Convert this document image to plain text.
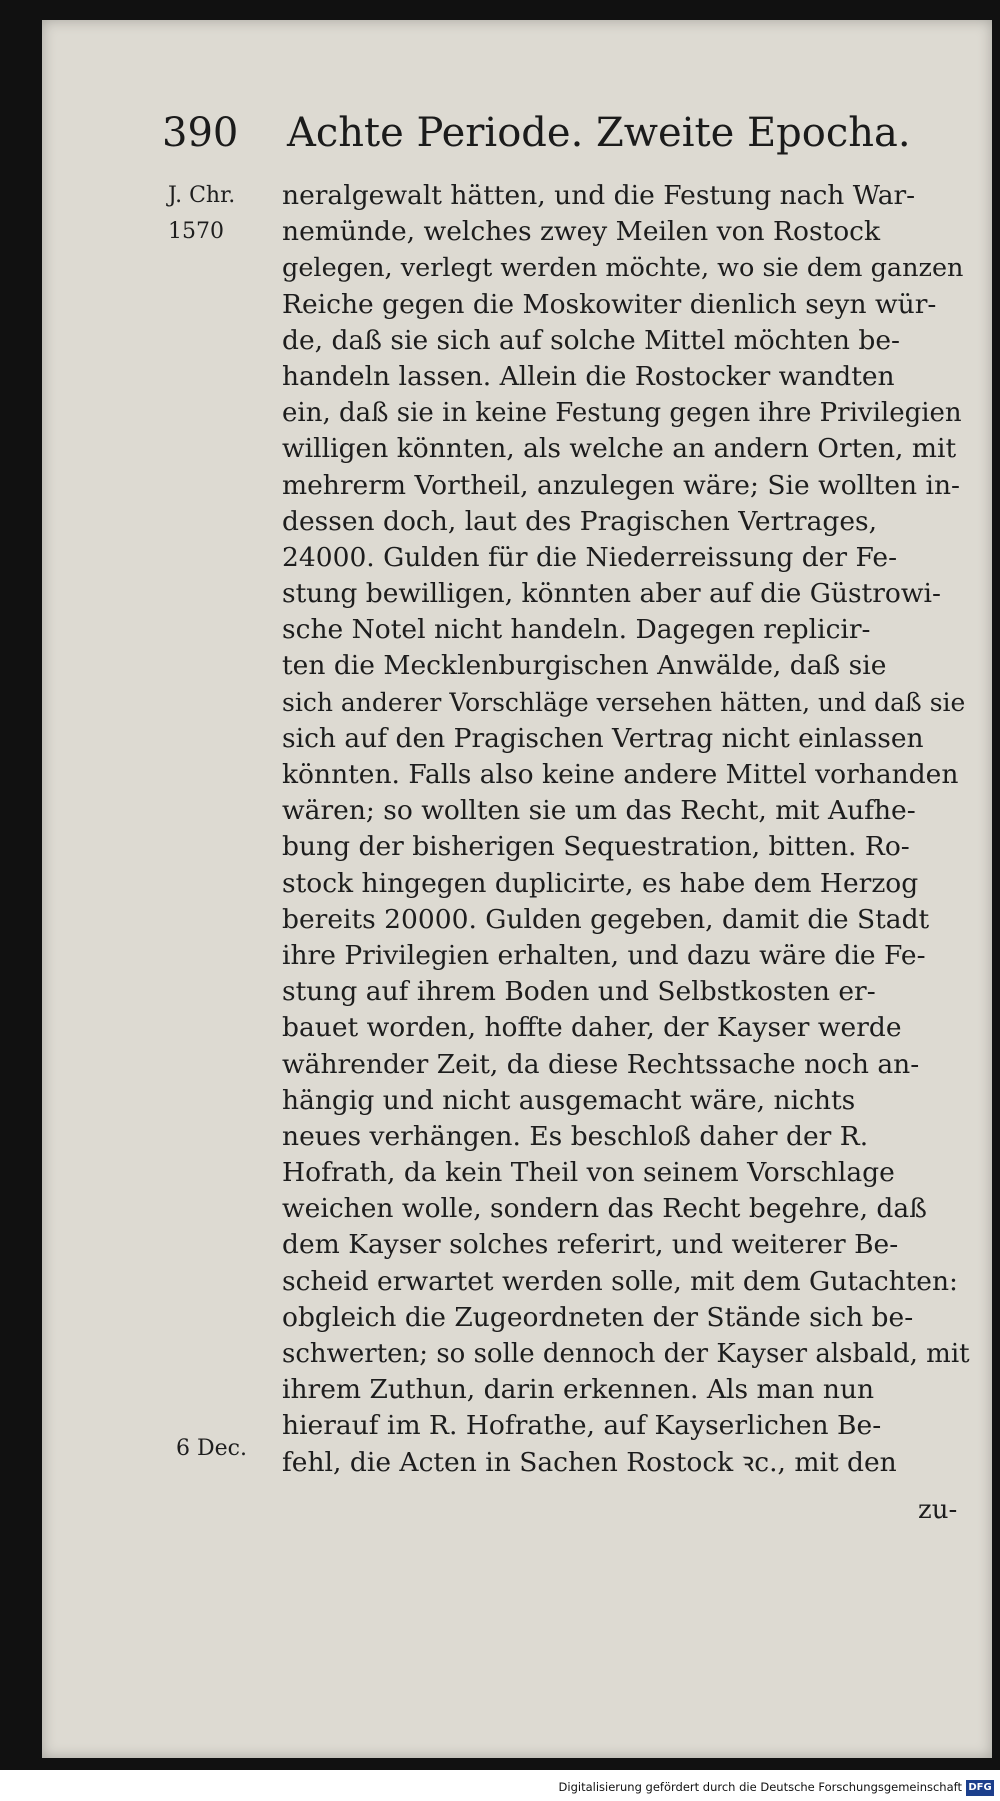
390 Achte Periode. Zweite Epocha.
J. Chr.
1570
6 Dec.
neralgewalt hätten, und die Festung nach War-
nemünde, welches zwey Meilen von Rostock
gelegen, verlegt werden möchte, wo sie dem ganzen
Reiche gegen die Moskowiter dienlich seyn wür-
de, daß sie sich auf solche Mittel möchten be-
handeln lassen. Allein die Rostocker wandten
ein, daß sie in keine Festung gegen ihre Privilegien
willigen könnten, als welche an andern Orten, mit
mehrerm Vortheil, anzulegen wäre; Sie wollten in-
dessen doch, laut des Pragischen Vertrages,
24000. Gulden für die Niederreissung der Fe-
stung bewilligen, könnten aber auf die Güstrowi-
sche Notel nicht handeln. Dagegen replicir-
ten die Mecklenburgischen Anwälde, daß sie
sich anderer Vorschläge versehen hätten, und daß sie
sich auf den Pragischen Vertrag nicht einlassen
könnten. Falls also keine andere Mittel vorhanden
wären; so wollten sie um das Recht, mit Aufhe-
bung der bisherigen Sequestration, bitten. Ro-
stock hingegen duplicirte, es habe dem Herzog
bereits 20000. Gulden gegeben, damit die Stadt
ihre Privilegien erhalten, und dazu wäre die Fe-
stung auf ihrem Boden und Selbstkosten er-
bauet worden, hoffte daher, der Kayser werde
währender Zeit, da diese Rechtssache noch an-
hängig und nicht ausgemacht wäre, nichts
neues verhängen. Es beschloß daher der R.
Hofrath, da kein Theil von seinem Vorschlage
weichen wolle, sondern das Recht begehre, daß
dem Kayser solches referirt, und weiterer Be-
scheid erwartet werden solle, mit dem Gutachten:
obgleich die Zugeordneten der Stände sich be-
schwerten; so solle dennoch der Kayser alsbald, mit
ihrem Zuthun, darin erkennen. Als man nun
hierauf im R. Hofrathe, auf Kayserlichen Be-
fehl, die Acten in Sachen Rostock ꝛc., mit den
zu-
Digitalisierung gefördert durch die Deutsche Forschungsgemeinschaft DFG
